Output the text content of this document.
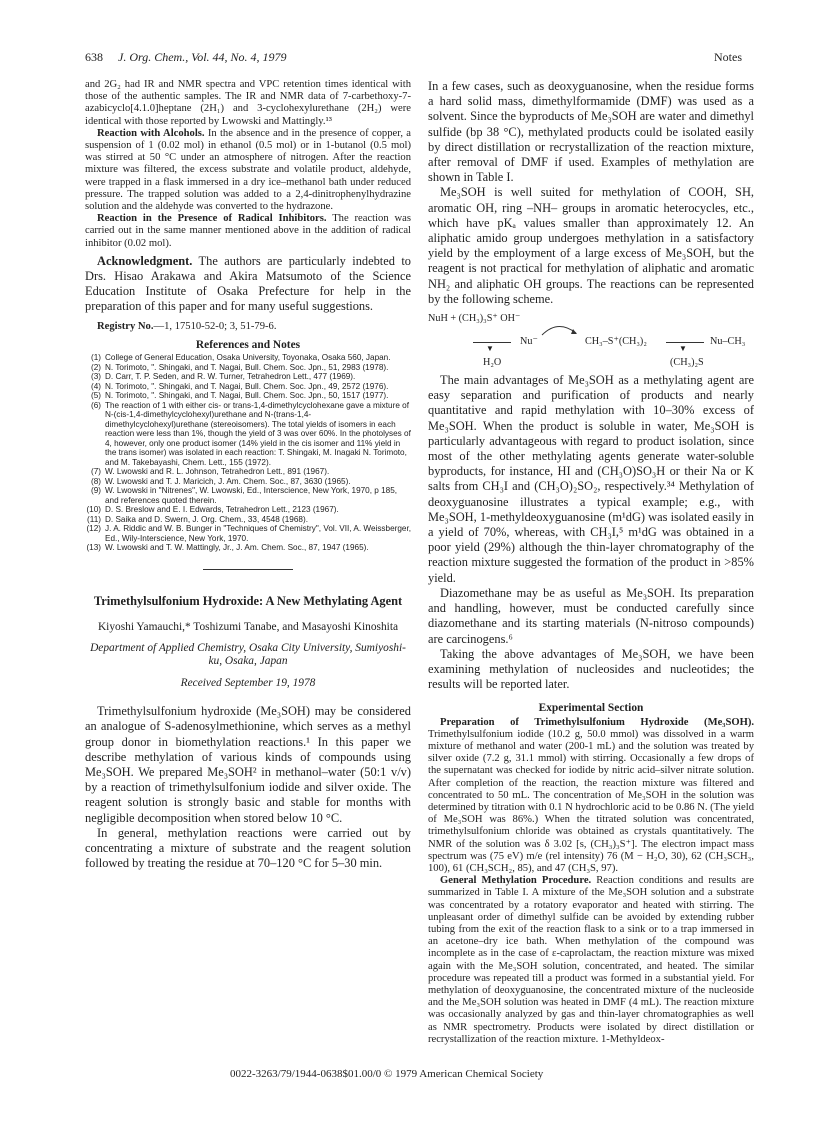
638 J. Org. Chem., Vol. 44, No. 4, 1979	Notes

and 2G₂ had IR and NMR spectra and VPC retention times identical with those of the authentic samples. The IR and NMR data of 7-carbethoxy-7-azabicyclo[4.1.0]heptane (2H₁) and 3-cyclohexylurethane (2H₂) were identical with those reported by Lwowski and Mattingly.¹³

Reaction with Alcohols. In the absence and in the presence of copper, a suspension of 1 (0.02 mol) in ethanol (0.5 mol) or in 1-butanol (0.5 mol) was stirred at 50 °C under an atmosphere of nitrogen. After the reaction mixture was filtered, the excess substrate and volatile product, aldehyde, were trapped in a flask immersed in a dry ice–methanol bath under reduced pressure. The trapped solution was added to a 2,4-dinitrophenylhydrazine solution and the aldehyde was converted to the hydrazone.

Reaction in the Presence of Radical Inhibitors. The reaction was carried out in the same manner mentioned above in the addition of radical inhibitor (0.02 mol).

Acknowledgment. The authors are particularly indebted to Drs. Hisao Arakawa and Akira Matsumoto of the Science Education Institute of Osaka Prefecture for help in the preparation of this paper and for many useful suggestions.

Registry No.—1, 17510-52-0; 3, 51-79-6.

References and Notes
(1) College of General Education, Osaka University, Toyonaka, Osaka 560, Japan.
(2) N. Torimoto, ". Shingaki, and T. Nagai, Bull. Chem. Soc. Jpn., 51, 2983 (1978).
(3) D. Carr, T. P. Seden, and R. W. Turner, Tetrahedron Lett., 477 (1969).
(4) N. Torimoto, ". Shingaki, and T. Nagai, Bull. Chem. Soc. Jpn., 49, 2572 (1976).
(5) N. Torimoto, ". Shingaki, and T. Nagai, Bull. Chem. Soc. Jpn., 50, 1517 (1977).
(6) The reaction of 1 with either cis- or trans-1,4-dimethylcyclohexane gave a mixture of N-(cis-1,4-dimethylcyclohexyl)urethane and N-(trans-1,4-dimethylcyclohexyl)urethane (stereoisomers). The total yields of isomers in each reaction were less than 1%, though the yield of 3 was over 60%. In the photolyses of 4, however, only one product isomer (14% yield in the cis isomer and 11% yield in the trans isomer) was isolated in each reaction: T. Shingaki, M. Inagaki N. Torimoto, and M. Takebayashi, Chem. Lett., 155 (1972).
(7) W. Lwowski and R. L. Johnson, Tetrahedron Lett., 891 (1967).
(8) W. Lwowski and T. J. Maricich, J. Am. Chem. Soc., 87, 3630 (1965).
(9) W. Lwowski in "Nitrenes", W. Lwowski, Ed., Interscience, New York, 1970, p 185, and references quoted therein.
(10) D. S. Breslow and E. I. Edwards, Tetrahedron Lett., 2123 (1967).
(11) D. Saika and D. Swern, J. Org. Chem., 33, 4548 (1968).
(12) J. A. Riddic and W. B. Bunger in "Techniques of Chemistry", Vol. VII, A. Weissberger, Ed., Wily-Interscience, New York, 1970.
(13) W. Lwowski and T. W. Mattingly, Jr., J. Am. Chem. Soc., 87, 1947 (1965).
Trimethylsulfonium Hydroxide: A New Methylating Agent
Kiyoshi Yamauchi,* Toshizumi Tanabe, and Masayoshi Kinoshita
Department of Applied Chemistry, Osaka City University, Sumiyoshi-ku, Osaka, Japan
Received September 19, 1978

Trimethylsulfonium hydroxide (Me₃SOH) may be considered an analogue of S-adenosylmethionine, which serves as a methyl group donor in biomethylation reactions.¹ In this paper we describe methylation of various kinds of compounds using Me₃SOH. We prepared Me₃SOH² in methanol–water (50:1 v/v) by a reaction of trimethylsulfonium iodide and silver oxide. The reagent solution is strongly basic and stable for months with negligible decomposition when stored below 10 °C.

In general, methylation reactions were carried out by concentrating a mixture of substrate and the reagent solution followed by treating the residue at 70–120 °C for 5–30 min.

In a few cases, such as deoxyguanosine, when the residue forms a hard solid mass, dimethylformamide (DMF) was used as a solvent. Since the byproducts of Me₃SOH are water and dimethyl sulfide (bp 38 °C), methylated products could be isolated easily by direct distillation or recrystallization of the reaction mixture, after removal of DMF if used. Examples of methylation are shown in Table I.

Me₃SOH is well suited for methylation of COOH, SH, aromatic OH, ring –NH– groups in aromatic heterocycles, etc., which have pKₐ values smaller than approximately 12. An aliphatic amido group undergoes methylation in a satisfactory yield by the employment of a large excess of Me₃SOH, but the reagent is not practical for methylation of aliphatic and aromatic NH₂ and aliphatic OH groups. The reactions can be represented by the following scheme.

NuH + (CH₃)₃S⁺ OH⁻
▼
Nu⁻	CH₃–S⁺(CH₃)₂
▼
Nu–CH₃
H₂O	(CH₃)₂S

The main advantages of Me₃SOH as a methylating agent are easy separation and purification of products and nearly quantitative and rapid methylation with 10–30% excess of Me₃SOH. When the product is soluble in water, Me₃SOH is particularly advantageous with regard to product isolation, since most of the other methylating agents generate water-soluble byproducts, for instance, HI and (CH₃O)SO₃H or their Na or K salts from CH₃I and (CH₃O)₂SO₂, respectively.³⁴ Methylation of deoxyguanosine illustrates a typical example; e.g., with Me₃SOH, 1-methyldeoxyguanosine (m¹dG) was isolated easily in a yield of 70%, whereas, with CH₃I,⁵ m¹dG was obtained in a poor yield (29%) although the thin-layer chromatography of the reaction mixture suggested the formation of the product in >85% yield.

Diazomethane may be as useful as Me₃SOH. Its preparation and handling, however, must be conducted carefully since diazomethane and its starting materials (N-nitroso compounds) are carcinogens.⁶

Taking the above advantages of Me₃SOH, we have been examining methylation of nucleosides and nucleotides; the results will be reported later.

Experimental Section

Preparation of Trimethylsulfonium Hydroxide (Me₃SOH). Trimethylsulfonium iodide (10.2 g, 50.0 mmol) was dissolved in a warm mixture of methanol and water (200-1 mL) and the solution was treated by silver oxide (7.2 g, 31.1 mmol) with stirring. Occasionally a few drops of the supernatant was checked for iodide by nitric acid–silver nitrate solution. After completion of the reaction, the reaction mixture was filtered and concentrated to 50 mL. The concentration of Me₃SOH in the solution was determined by titration with 0.1 N hydrochloric acid to be 0.86 N. (The yield of Me₃SOH was 86%.) When the titrated solution was concentrated, trimethylsulfonium chloride was obtained as crystals quantitatively. The NMR of the solution was δ 3.02 [s, (CH₃)₃S⁺]. The electron impact mass spectrum was (75 eV) m/e (rel intensity) 76 (M − H₂O, 30), 62 (CH₃SCH₃, 100), 61 (CH₃SCH₂, 85), and 47 (CH₃S, 97).

General Methylation Procedure. Reaction conditions and results are summarized in Table I. A mixture of the Me₃SOH solution and a substrate was concentrated by a rotatory evaporator and heated with stirring. The unpleasant order of dimethyl sulfide can be avoided by extending rubber tubing from the exit of the reaction flask to a sink or to a trap immersed in an acetone–dry ice bath. When methylation of the compound was incomplete as in the case of ε-caprolactam, the reaction mixture was mixed again with the Me₃SOH solution, concentrated, and heated. The similar procedure was repeated till a product was formed in a substantial yield. For methylation of deoxyguanosine, the concentrated mixture of the nucleoside and the Me₃SOH solution was heated in DMF (4 mL). The reaction mixture was occasionally analyzed by gas and thin-layer chromatographies as well as NMR spectrometry. Products were isolated by direct distillation or recrystallization of the reaction mixture. 1-Methyldeox-

0022-3263/79/1944-0638$01.00/0 © 1979 American Chemical Society
